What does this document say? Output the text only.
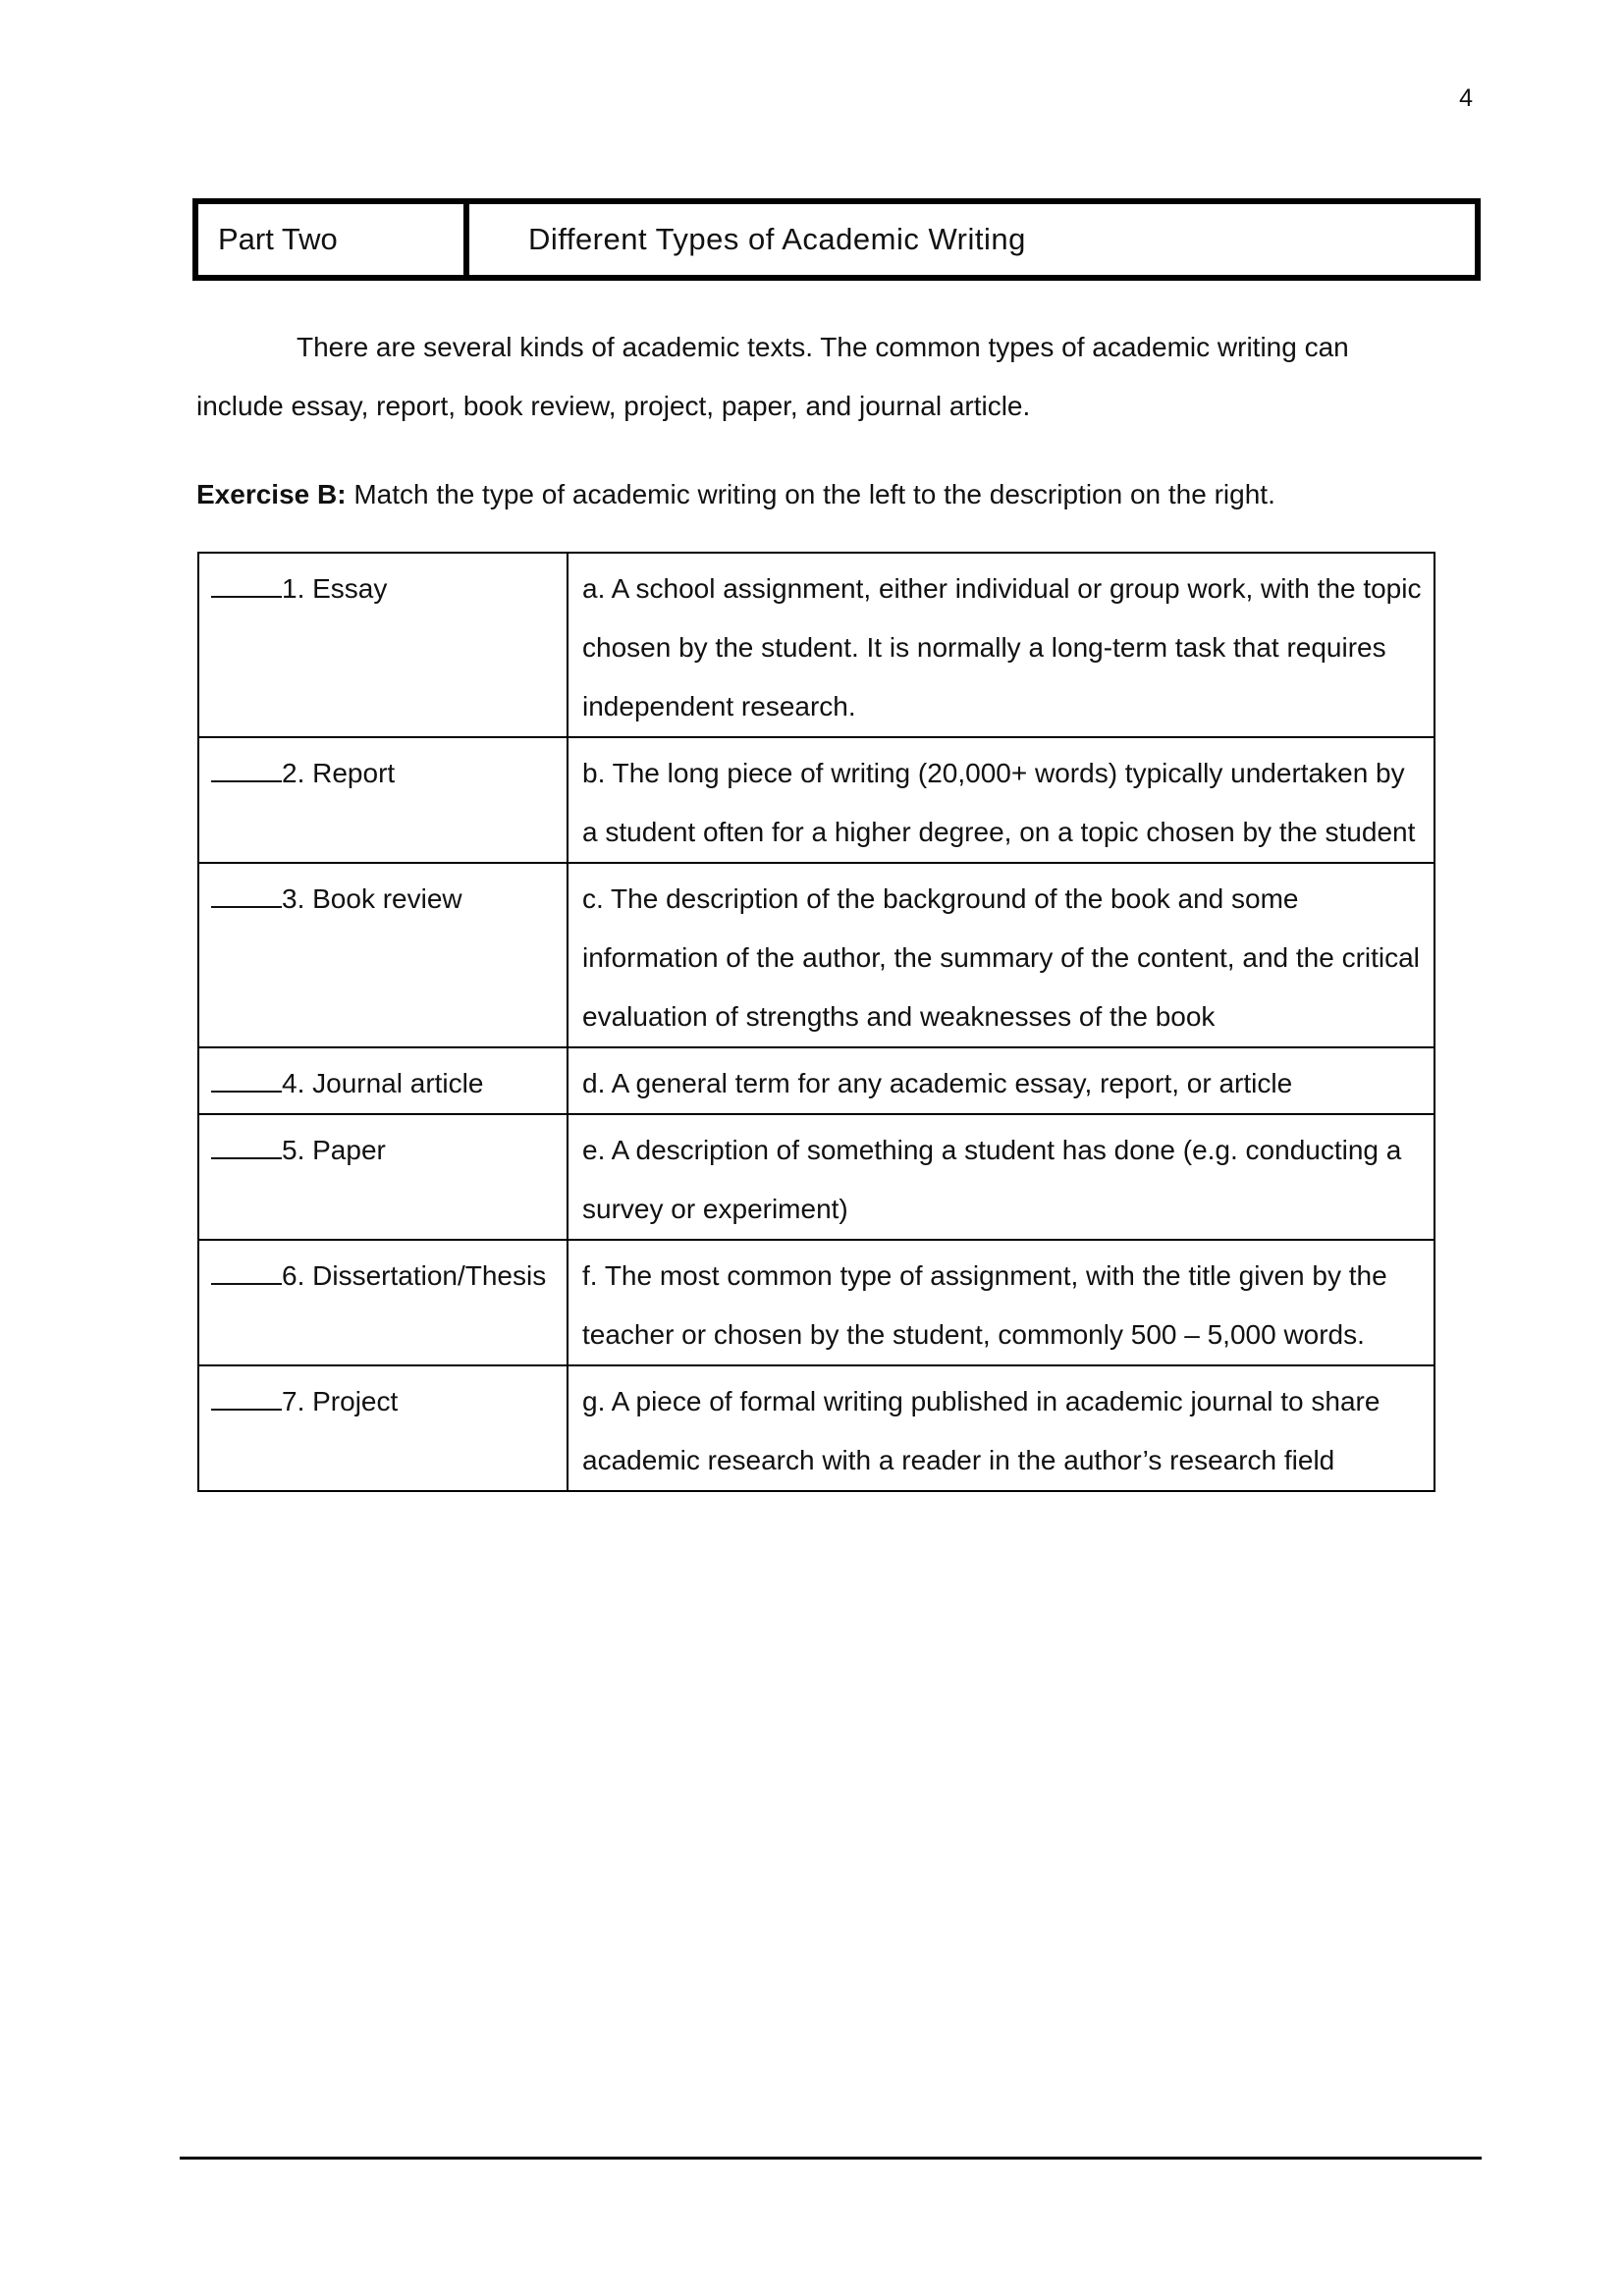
4
Part Two	Different Types of Academic Writing

There are several kinds of academic texts. The common types of academic writing can include essay, report, book review, project, paper, and journal article.

Exercise B: Match the type of academic writing on the left to the description on the right.

1. Essay	a. A school assignment, either individual or group work, with the topic chosen by the student. It is normally a long-term task that requires independent research.
2. Report	b. The long piece of writing (20,000+ words) typically undertaken by a student often for a higher degree, on a topic chosen by the student
3. Book review	c. The description of the background of the book and some information of the author, the summary of the content, and the critical evaluation of strengths and weaknesses of the book
4. Journal article	d. A general term for any academic essay, report, or article
5. Paper	e. A description of something a student has done (e.g. conducting a survey or experiment)
6. Dissertation/Thesis	f. The most common type of assignment, with the title given by the teacher or chosen by the student, commonly 500 – 5,000 words.
7. Project	g. A piece of formal writing published in academic journal to share academic research with a reader in the author’s research field
